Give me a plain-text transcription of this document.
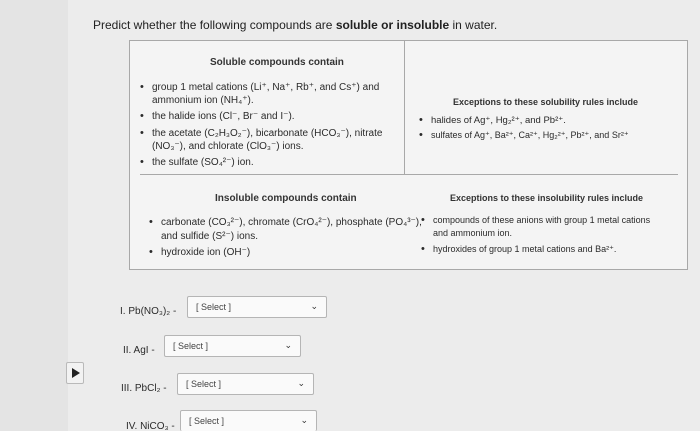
Predict whether the following compounds are soluble or insoluble in water.
Soluble compounds contain
• group 1 metal cations (Li⁺, Na⁺, Rb⁺, and Cs⁺) and
ammonium ion (NH₄⁺).
• the halide ions (Cl⁻, Br⁻ and I⁻).
• the acetate (C₂H₃O₂⁻), bicarbonate (HCO₃⁻), nitrate
(NO₃⁻), and chlorate (ClO₃⁻) ions.
• the sulfate (SO₄²⁻) ion.
Exceptions to these solubility rules include
• halides of Ag⁺, Hg₂²⁺, and Pb²⁺.
• sulfates of Ag⁺, Ba²⁺, Ca²⁺, Hg₂²⁺, Pb²⁺, and Sr²⁺
Insoluble compounds contain
• carbonate (CO₃²⁻), chromate (CrO₄²⁻), phosphate (PO₄³⁻),
and sulfide (S²⁻) ions.
• hydroxide ion (OH⁻)
Exceptions to these insolubility rules include
• compounds of these anions with group 1 metal cations
and ammonium ion.
• hydroxides of group 1 metal cations and Ba²⁺.
I. Pb(NO₃)₂ - [ Select ]	⌄
II. AgI - [ Select ]	⌄
III. PbCl₂ - [ Select ]	⌄
IV. NiCO₃ - [ Select ]	⌄
